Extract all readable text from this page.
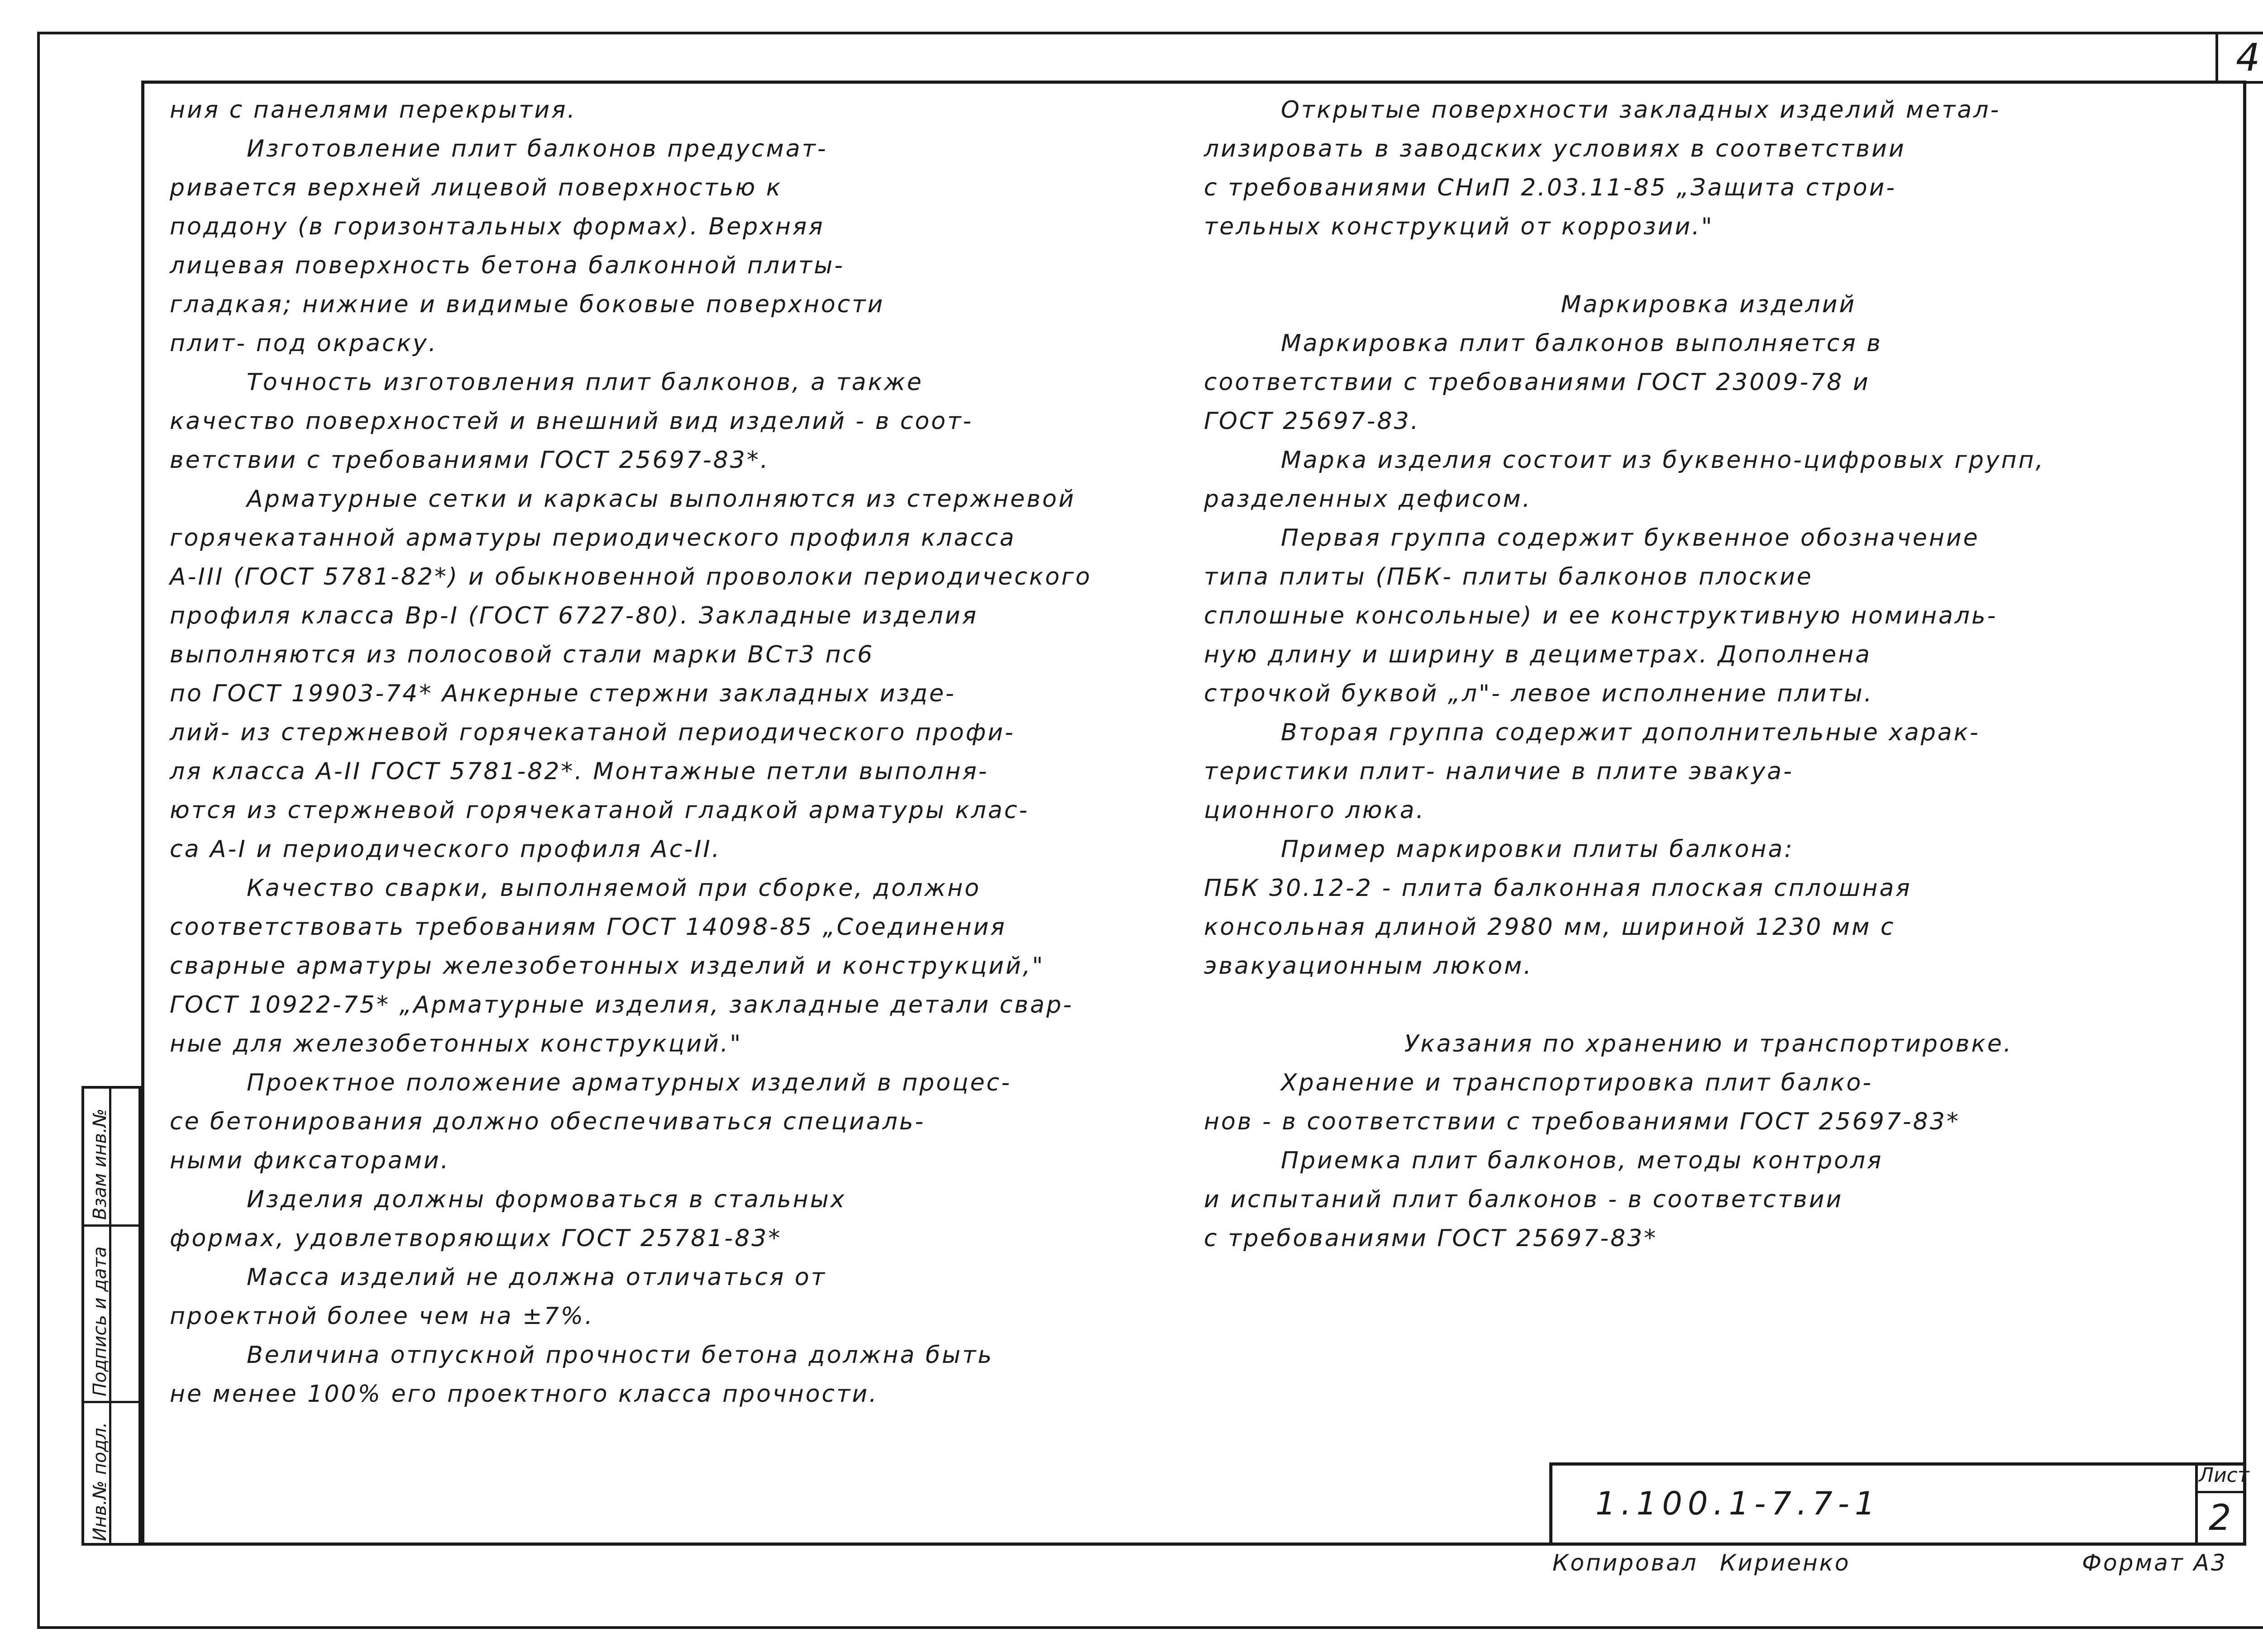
4
ния с панелями перекрытия.
Изготовление плит балконов предусмат-
ривается верхней лицевой поверхностью к
поддону (в горизонтальных формах). Верхняя
лицевая поверхность бетона балконной плиты-
гладкая; нижние и видимые боковые поверхности
плит- под окраску.
Точность изготовления плит балконов, а также
качество поверхностей и внешний вид изделий - в соот-
ветствии с требованиями ГОСТ 25697-83*.
Арматурные сетки и каркасы выполняются из стержневой
горячекатанной арматуры периодического профиля класса
А-III (ГОСТ 5781-82*) и обыкновенной проволоки периодического
профиля класса Вр-I (ГОСТ 6727-80). Закладные изделия
выполняются из полосовой стали марки ВСт3 пс6
по ГОСТ 19903-74* Анкерные стержни закладных изде-
лий- из стержневой горячекатаной периодического профи-
ля класса А-II ГОСТ 5781-82*. Монтажные петли выполня-
ются из стержневой горячекатаной гладкой арматуры клас-
са А-I и периодического профиля Ас-II.
Качество сварки, выполняемой при сборке, должно
соответствовать требованиям ГОСТ 14098-85 „Соединения
сварные арматуры железобетонных изделий и конструкций,"
ГОСТ 10922-75* „Арматурные изделия, закладные детали свар-
ные для железобетонных конструкций."
Проектное положение арматурных изделий в процес-
се бетонирования должно обеспечиваться специаль-
ными фиксаторами.
Изделия должны формоваться в стальных
формах, удовлетворяющих ГОСТ 25781-83*
Масса изделий не должна отличаться от
проектной более чем на ±7%.
Величина отпускной прочности бетона должна быть
не менее 100% его проектного класса прочности.
Открытые поверхности закладных изделий метал-
лизировать в заводских условиях в соответствии
с требованиями СНиП 2.03.11-85 „Защита строи-
тельных конструкций от коррозии."
Маркировка изделий
Маркировка плит балконов выполняется в
соответствии с требованиями ГОСТ 23009-78 и
ГОСТ 25697-83.
Марка изделия состоит из буквенно-цифровых групп,
разделенных дефисом.
Первая группа содержит буквенное обозначение
типа плиты (ПБК- плиты балконов плоские
сплошные консольные) и ее конструктивную номиналь-
ную длину и ширину в дециметрах. Дополнена
строчкой буквой „л"- левое исполнение плиты.
Вторая группа содержит дополнительные харак-
теристики плит- наличие в плите эвакуа-
ционного люка.
Пример маркировки плиты балкона:
ПБК 30.12-2 - плита балконная плоская сплошная
консольная длиной 2980 мм, шириной 1230 мм с
эвакуационным люком.
Указания по хранению и транспортировке.
Хранение и транспортировка плит балко-
нов - в соответствии с требованиями ГОСТ 25697-83*
Приемка плит балконов, методы контроля
и испытаний плит балконов - в соответствии
с требованиями ГОСТ 25697-83*
Взам инв.№
Подпись и дата
Инв.№ подл.	1.100.1-7.7-1
Лист
2
Копировал Кириенко	Формат А3
